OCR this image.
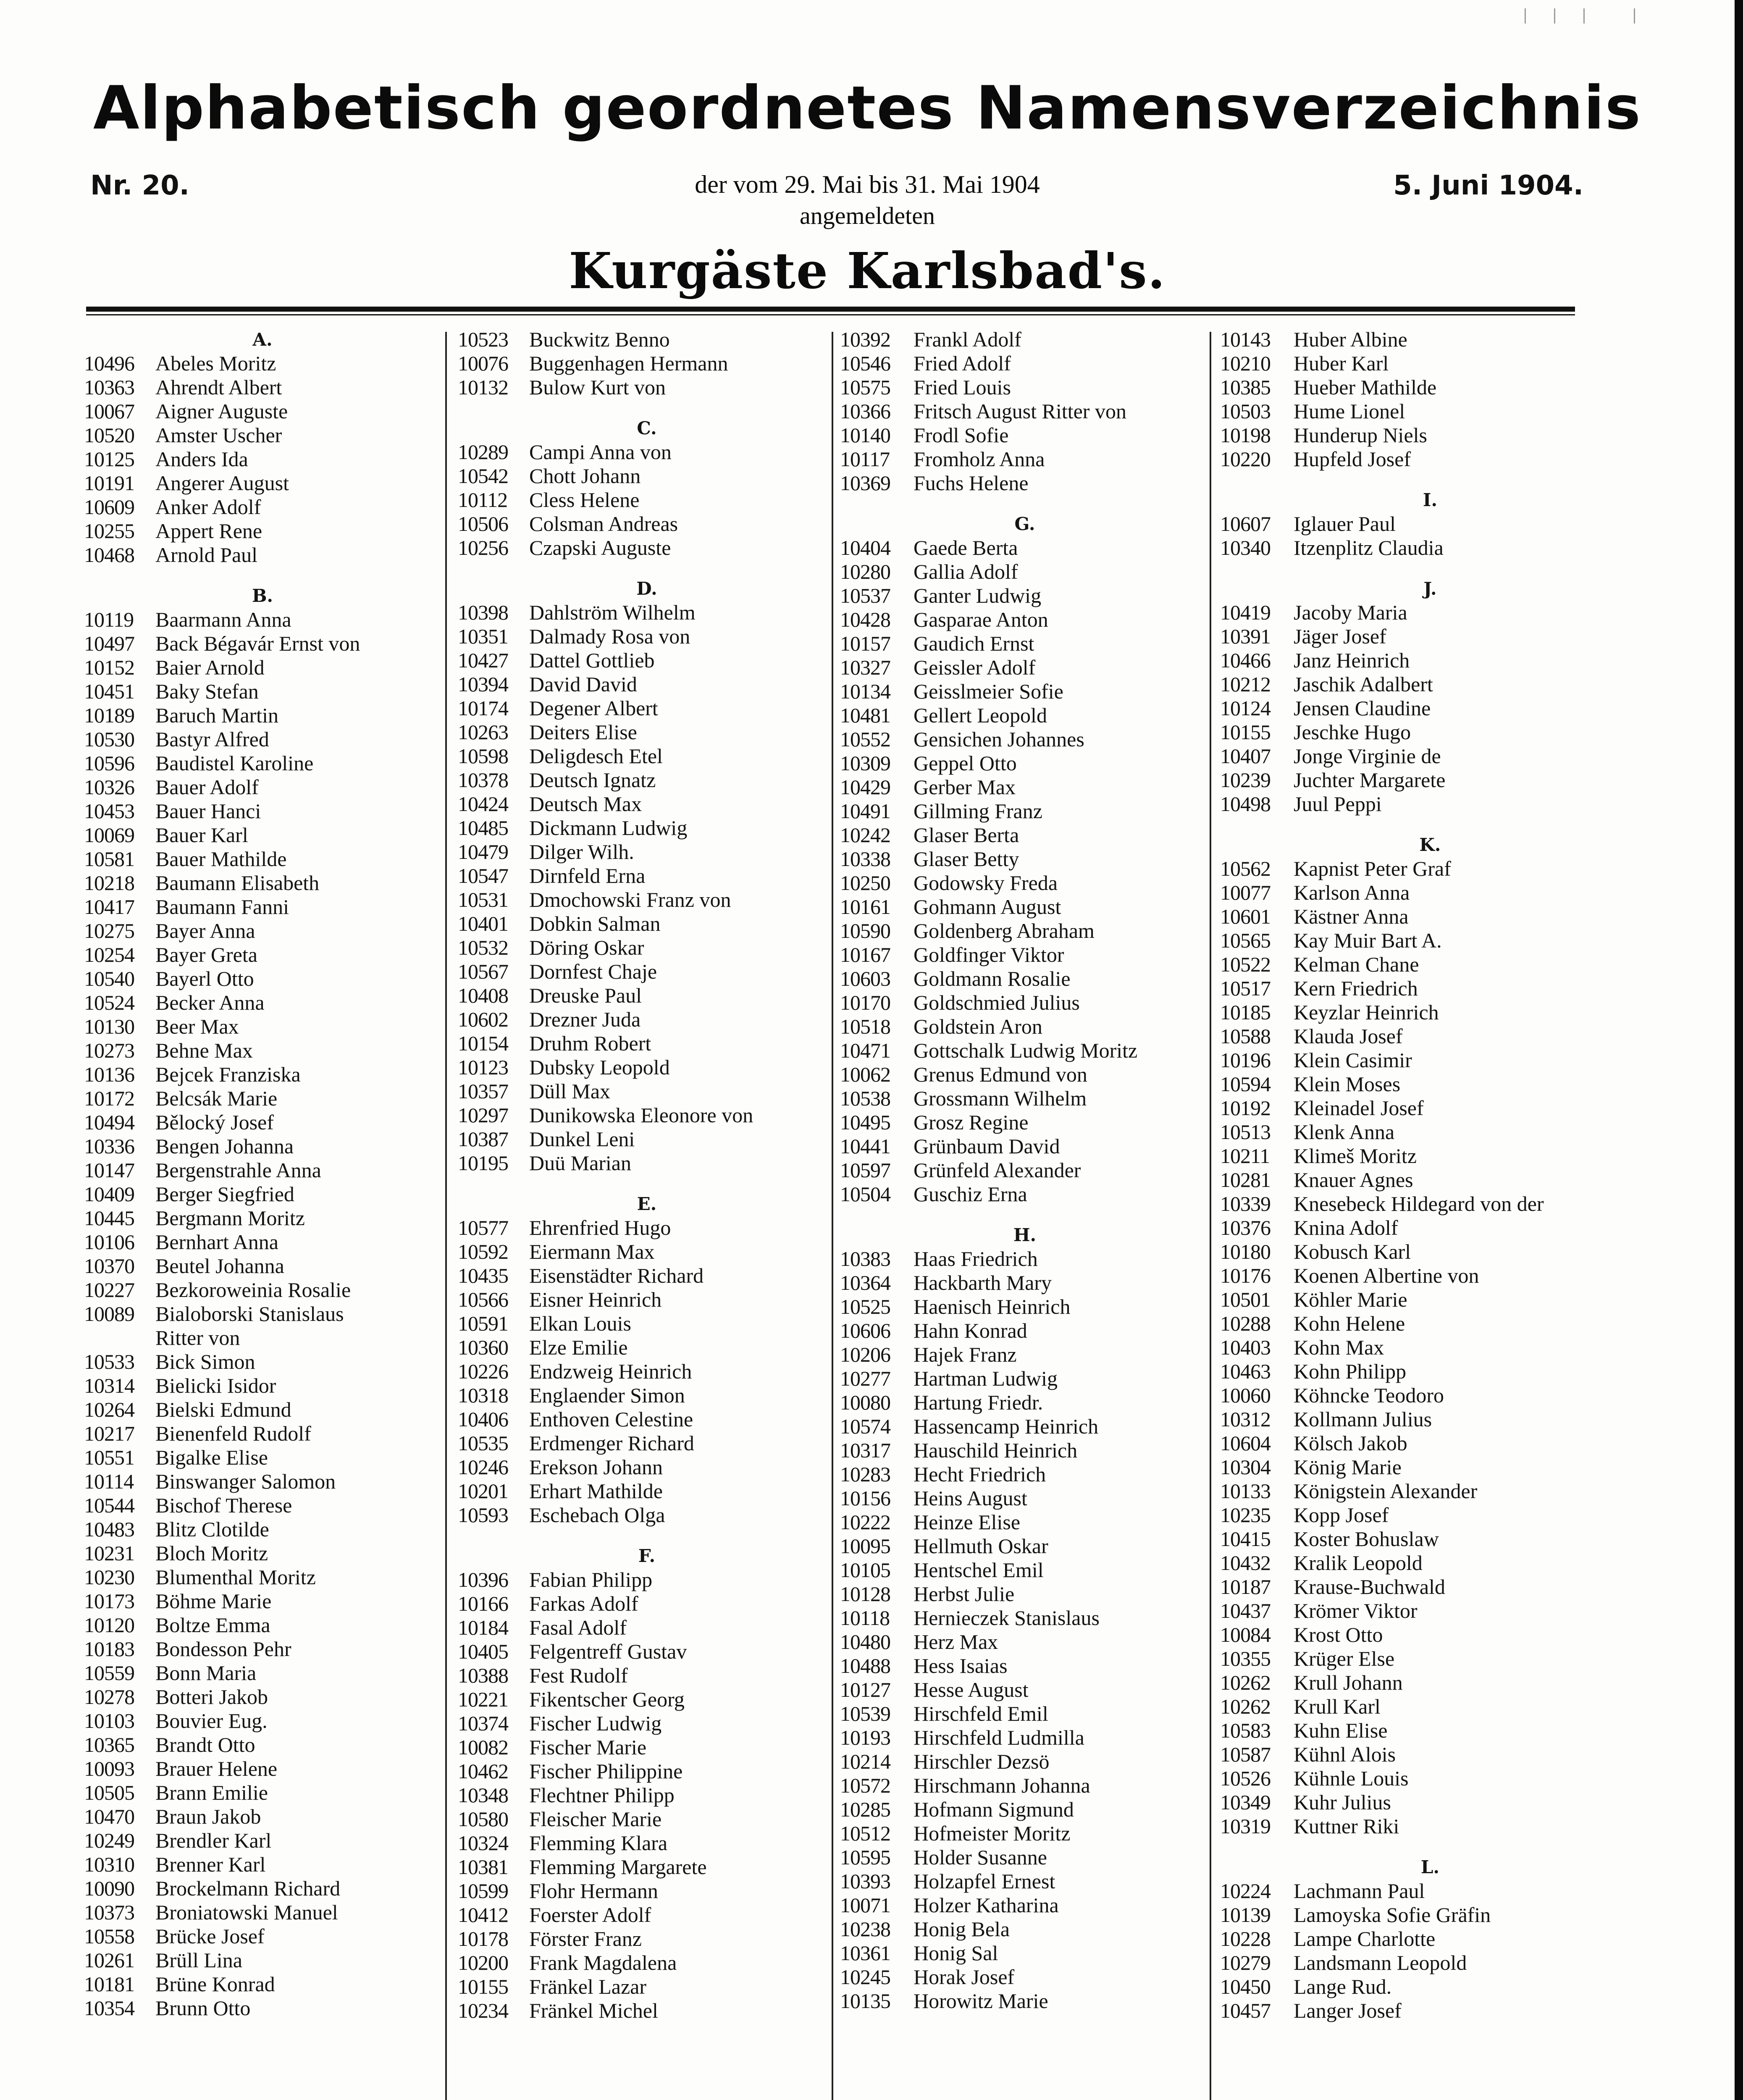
Alphabetisch geordnetes Namensverzeichnis
Nr. 20.	5. Juni 1904.
der vom 29. Mai bis 31. Mai 1904
angemeldeten
Kurgäste Karlsbad's.
A.
10496 Abeles Moritz
10363 Ahrendt Albert
10067 Aigner Auguste
10520 Amster Uscher
10125 Anders Ida
10191 Angerer August
10609 Anker Adolf
10255 Appert Rene
10468 Arnold Paul
B.
10119 Baarmann Anna
10497 Back Bégavár Ernst von
10152 Baier Arnold
10451 Baky Stefan
10189 Baruch Martin
10530 Bastyr Alfred
10596 Baudistel Karoline
10326 Bauer Adolf
10453 Bauer Hanci
10069 Bauer Karl
10581 Bauer Mathilde
10218 Baumann Elisabeth
10417 Baumann Fanni
10275 Bayer Anna
10254 Bayer Greta
10540 Bayerl Otto
10524 Becker Anna
10130 Beer Max
10273 Behne Max
10136 Bejcek Franziska
10172 Belcsák Marie
10494 Bělocký Josef
10336 Bengen Johanna
10147 Bergenstrahle Anna
10409 Berger Siegfried
10445 Bergmann Moritz
10106 Bernhart Anna
10370 Beutel Johanna
10227 Bezkoroweinia Rosalie
10089 Bialoborski Stanislaus
Ritter von
10533 Bick Simon
10314 Bielicki Isidor
10264 Bielski Edmund
10217 Bienenfeld Rudolf
10551 Bigalke Elise
10114 Binswanger Salomon
10544 Bischof Therese
10483 Blitz Clotilde
10231 Bloch Moritz
10230 Blumenthal Moritz
10173 Böhme Marie
10120 Boltze Emma
10183 Bondesson Pehr
10559 Bonn Maria
10278 Botteri Jakob
10103 Bouvier Eug.
10365 Brandt Otto
10093 Brauer Helene
10505 Brann Emilie
10470 Braun Jakob
10249 Brendler Karl
10310 Brenner Karl
10090 Brockelmann Richard
10373 Broniatowski Manuel
10558 Brücke Josef
10261 Brüll Lina
10181 Brüne Konrad
10354 Brunn Otto
10523 Buckwitz Benno
10076 Buggenhagen Hermann
10132 Bulow Kurt von
C.
10289 Campi Anna von
10542 Chott Johann
10112 Cless Helene
10506 Colsman Andreas
10256 Czapski Auguste
D.
10398 Dahlström Wilhelm
10351 Dalmady Rosa von
10427 Dattel Gottlieb
10394 David David
10174 Degener Albert
10263 Deiters Elise
10598 Deligdesch Etel
10378 Deutsch Ignatz
10424 Deutsch Max
10485 Dickmann Ludwig
10479 Dilger Wilh.
10547 Dirnfeld Erna
10531 Dmochowski Franz von
10401 Dobkin Salman
10532 Döring Oskar
10567 Dornfest Chaje
10408 Dreuske Paul
10602 Drezner Juda
10154 Druhm Robert
10123 Dubsky Leopold
10357 Düll Max
10297 Dunikowska Eleonore von
10387 Dunkel Leni
10195 Duü Marian
E.
10577 Ehrenfried Hugo
10592 Eiermann Max
10435 Eisenstädter Richard
10566 Eisner Heinrich
10591 Elkan Louis
10360 Elze Emilie
10226 Endzweig Heinrich
10318 Englaender Simon
10406 Enthoven Celestine
10535 Erdmenger Richard
10246 Erekson Johann
10201 Erhart Mathilde
10593 Eschebach Olga
F.
10396 Fabian Philipp
10166 Farkas Adolf
10184 Fasal Adolf
10405 Felgentreff Gustav
10388 Fest Rudolf
10221 Fikentscher Georg
10374 Fischer Ludwig
10082 Fischer Marie
10462 Fischer Philippine
10348 Flechtner Philipp
10580 Fleischer Marie
10324 Flemming Klara
10381 Flemming Margarete
10599 Flohr Hermann
10412 Foerster Adolf
10178 Förster Franz
10200 Frank Magdalena
10155 Fränkel Lazar
10234 Fränkel Michel
10392 Frankl Adolf
10546 Fried Adolf
10575 Fried Louis
10366 Fritsch August Ritter von
10140 Frodl Sofie
10117 Fromholz Anna
10369 Fuchs Helene
G.
10404 Gaede Berta
10280 Gallia Adolf
10537 Ganter Ludwig
10428 Gasparae Anton
10157 Gaudich Ernst
10327 Geissler Adolf
10134 Geisslmeier Sofie
10481 Gellert Leopold
10552 Gensichen Johannes
10309 Geppel Otto
10429 Gerber Max
10491 Gillming Franz
10242 Glaser Berta
10338 Glaser Betty
10250 Godowsky Freda
10161 Gohmann August
10590 Goldenberg Abraham
10167 Goldfinger Viktor
10603 Goldmann Rosalie
10170 Goldschmied Julius
10518 Goldstein Aron
10471 Gottschalk Ludwig Moritz
10062 Grenus Edmund von
10538 Grossmann Wilhelm
10495 Grosz Regine
10441 Grünbaum David
10597 Grünfeld Alexander
10504 Guschiz Erna
H.
10383 Haas Friedrich
10364 Hackbarth Mary
10525 Haenisch Heinrich
10606 Hahn Konrad
10206 Hajek Franz
10277 Hartman Ludwig
10080 Hartung Friedr.
10574 Hassencamp Heinrich
10317 Hauschild Heinrich
10283 Hecht Friedrich
10156 Heins August
10222 Heinze Elise
10095 Hellmuth Oskar
10105 Hentschel Emil
10128 Herbst Julie
10118 Hernieczek Stanislaus
10480 Herz Max
10488 Hess Isaias
10127 Hesse August
10539 Hirschfeld Emil
10193 Hirschfeld Ludmilla
10214 Hirschler Dezsö
10572 Hirschmann Johanna
10285 Hofmann Sigmund
10512 Hofmeister Moritz
10595 Holder Susanne
10393 Holzapfel Ernest
10071 Holzer Katharina
10238 Honig Bela
10361 Honig Sal
10245 Horak Josef
10135 Horowitz Marie
10143 Huber Albine
10210 Huber Karl
10385 Hueber Mathilde
10503 Hume Lionel
10198 Hunderup Niels
10220 Hupfeld Josef
I.
10607 Iglauer Paul
10340 Itzenplitz Claudia
J.
10419 Jacoby Maria
10391 Jäger Josef
10466 Janz Heinrich
10212 Jaschik Adalbert
10124 Jensen Claudine
10155 Jeschke Hugo
10407 Jonge Virginie de
10239 Juchter Margarete
10498 Juul Peppi
K.
10562 Kapnist Peter Graf
10077 Karlson Anna
10601 Kästner Anna
10565 Kay Muir Bart A.
10522 Kelman Chane
10517 Kern Friedrich
10185 Keyzlar Heinrich
10588 Klauda Josef
10196 Klein Casimir
10594 Klein Moses
10192 Kleinadel Josef
10513 Klenk Anna
10211 Klimeš Moritz
10281 Knauer Agnes
10339 Knesebeck Hildegard von der
10376 Knina Adolf
10180 Kobusch Karl
10176 Koenen Albertine von
10501 Köhler Marie
10288 Kohn Helene
10403 Kohn Max
10463 Kohn Philipp
10060 Köhncke Teodoro
10312 Kollmann Julius
10604 Kölsch Jakob
10304 König Marie
10133 Königstein Alexander
10235 Kopp Josef
10415 Koster Bohuslaw
10432 Kralik Leopold
10187 Krause-Buchwald
10437 Krömer Viktor
10084 Krost Otto
10355 Krüger Else
10262 Krull Johann
10262 Krull Karl
10583 Kuhn Elise
10587 Kühnl Alois
10526 Kühnle Louis
10349 Kuhr Julius
10319 Kuttner Riki
L.
10224 Lachmann Paul
10139 Lamoyska Sofie Gräfin
10228 Lampe Charlotte
10279 Landsmann Leopold
10450 Lange Rud.
10457 Langer Josef
